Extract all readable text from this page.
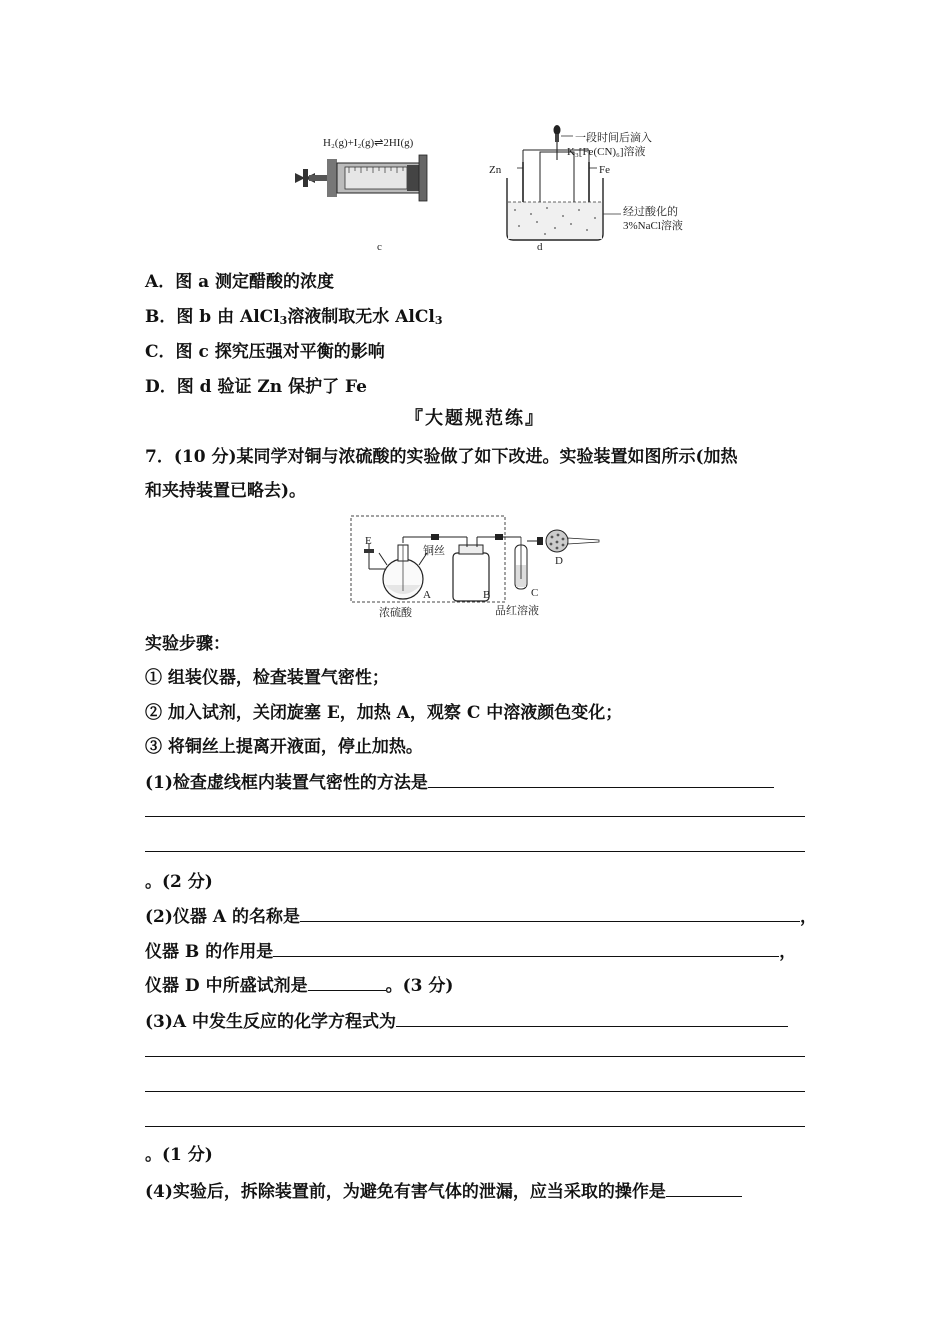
H₂(g)+I₂(g)⇌2HI(g)
c
一段时间后滴入
K₃[Fe(CN)₆]溶液
Zn	Fe
经过酸化的
3%NaCl溶液
d
A．图 a 测定醋酸的浓度
B．图 b 由 AlCl$_3$溶液制取无水 AlCl$_3$
C．图 c 探究压强对平衡的影响
D．图 d 验证 Zn 保护了 Fe
『大题规范练』
7．(10 分)某同学对铜与浓硫酸的实验做了如下改进。实验装置如图所示(加热
和夹持装置已略去)。
E
铜丝
A	B	C
D
浓硫酸	品红溶液
实验步骤：
① 组装仪器，检查装置气密性；
② 加入试剂，关闭旋塞 E，加热 A，观察 C 中溶液颜色变化；
③ 将铜丝上提离开液面，停止加热。
(1)检查虚线框内装置气密性的方法是
。(2 分)
(2)仪器 A 的名称是	，
仪器 B 的作用是	，
仪器 D 中所盛试剂是	。(3 分)
(3)A 中发生反应的化学方程式为
。(1 分)
(4)实验后，拆除装置前，为避免有害气体的泄漏，应当采取的操作是
